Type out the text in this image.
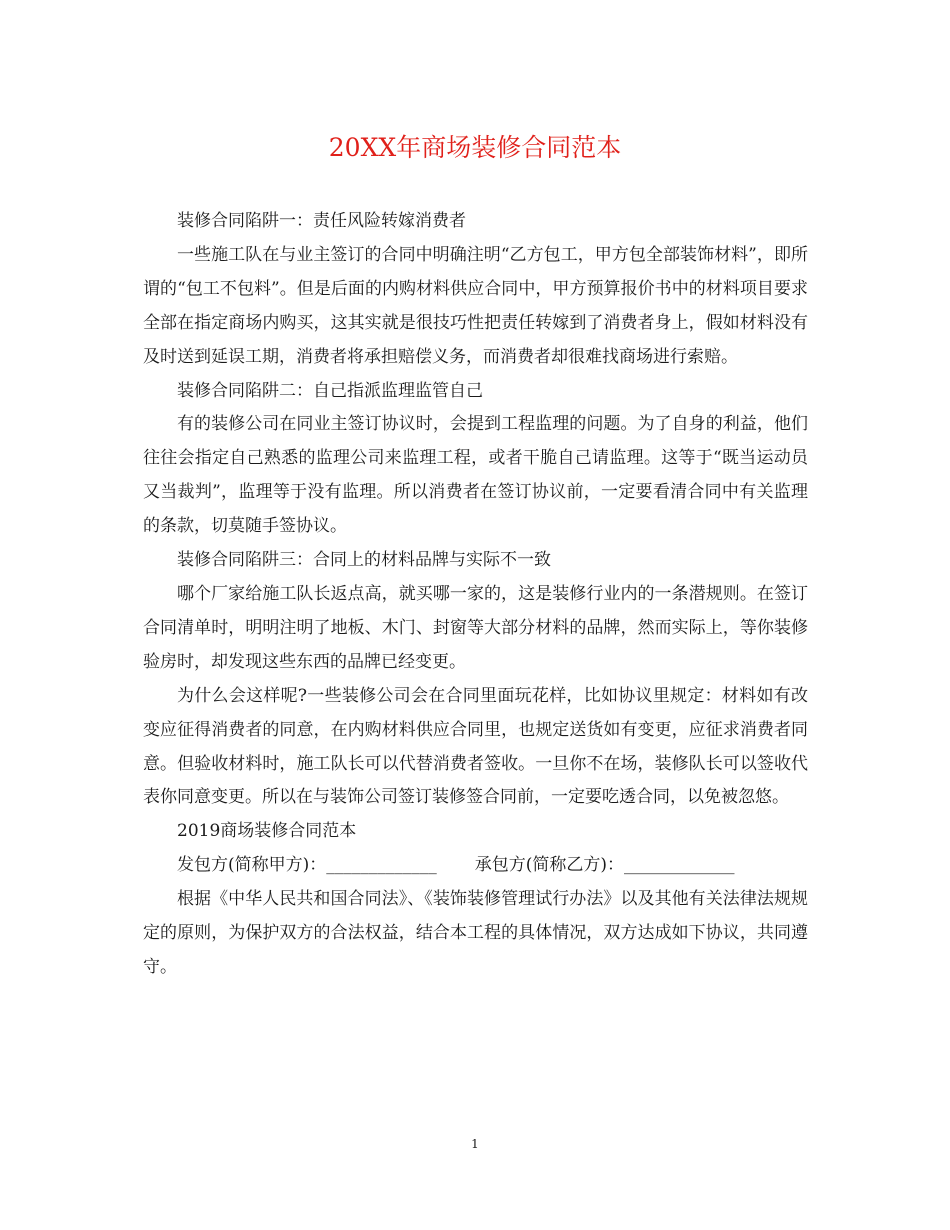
20XX年商场装修合同范本

装修合同陷阱一：责任风险转嫁消费者

一些施工队在与业主签订的合同中明确注明“乙方包工，甲方包全部装饰材料”，即所谓的“包工不包料”。但是后面的内购材料供应合同中，甲方预算报价书中的材料项目要求全部在指定商场内购买，这其实就是很技巧性把责任转嫁到了消费者身上，假如材料没有及时送到延误工期，消费者将承担赔偿义务，而消费者却很难找商场进行索赔。

装修合同陷阱二：自己指派监理监管自己

有的装修公司在同业主签订协议时，会提到工程监理的问题。为了自身的利益，他们往往会指定自己熟悉的监理公司来监理工程，或者干脆自己请监理。这等于“既当运动员又当裁判”，监理等于没有监理。所以消费者在签订协议前，一定要看清合同中有关监理的条款，切莫随手签协议。

装修合同陷阱三：合同上的材料品牌与实际不一致

哪个厂家给施工队长返点高，就买哪一家的，这是装修行业内的一条潜规则。在签订合同清单时，明明注明了地板、木门、封窗等大部分材料的品牌，然而实际上，等你装修验房时，却发现这些东西的品牌已经变更。

为什么会这样呢?一些装修公司会在合同里面玩花样，比如协议里规定：材料如有改变应征得消费者的同意，在内购材料供应合同里，也规定送货如有变更，应征求消费者同意。但验收材料时，施工队长可以代替消费者签收。一旦你不在场，装修队长可以签收代表你同意变更。所以在与装饰公司签订装修签合同前，一定要吃透合同，以免被忽悠。

2019商场装修合同范本

发包方(简称甲方)：_____________ 承包方(简称乙方)：_____________

根据《中华人民共和国合同法》、《装饰装修管理试行办法》以及其他有关法律法规规定的原则，为保护双方的合法权益，结合本工程的具体情况，双方达成如下协议，共同遵守。

1
